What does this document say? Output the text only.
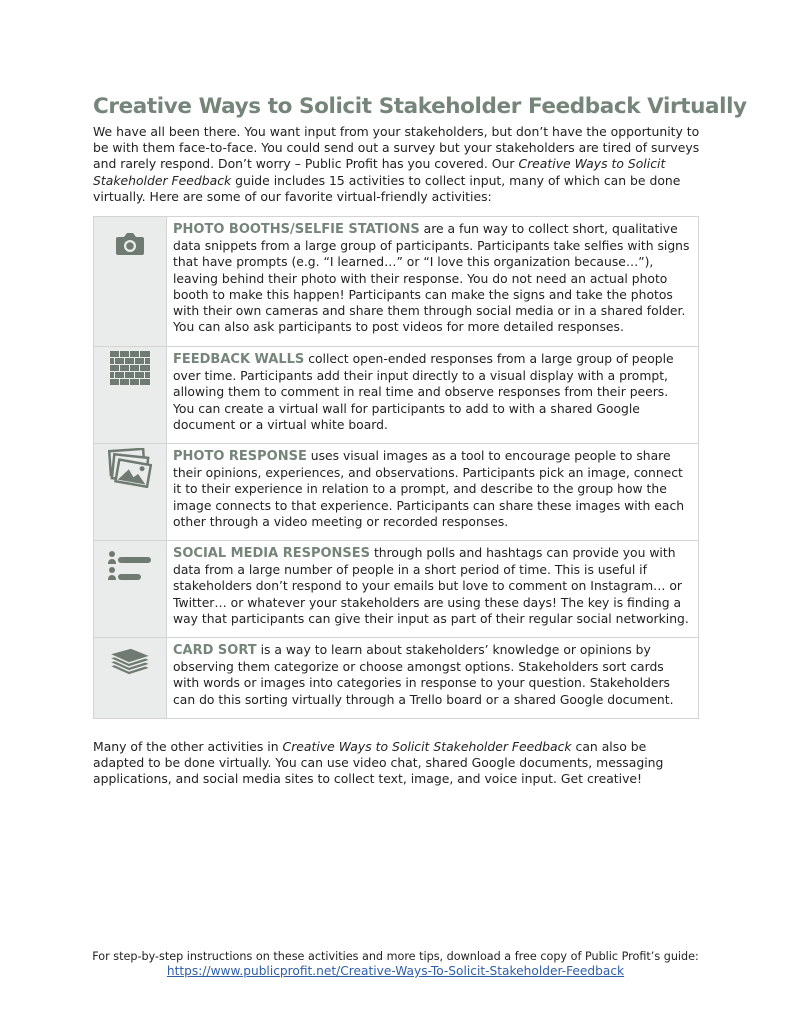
Creative Ways to Solicit Stakeholder Feedback Virtually

We have all been there. You want input from your stakeholders, but don’t have the opportunity to be with them face-to-face. You could send out a survey but your stakeholders are tired of surveys and rarely respond. Don’t worry – Public Profit has you covered. Our Creative Ways to Solicit Stakeholder Feedback guide includes 15 activities to collect input, many of which can be done virtually. Here are some of our favorite virtual-friendly activities:

	PHOTO BOOTHS/SELFIE STATIONS are a fun way to collect short, qualitative data snippets from a large group of participants. Participants take selfies with signs that have prompts (e.g. “I learned…” or “I love this organization because…”), leaving behind their photo with their response. You do not need an actual photo booth to make this happen! Participants can make the signs and take the photos with their own cameras and share them through social media or in a shared folder. You can also ask participants to post videos for more detailed responses.

	FEEDBACK WALLS collect open-ended responses from a large group of people over time. Participants add their input directly to a visual display with a prompt, allowing them to comment in real time and observe responses from their peers. You can create a virtual wall for participants to add to with a shared Google document or a virtual white board.

	PHOTO RESPONSE uses visual images as a tool to encourage people to share their opinions, experiences, and observations. Participants pick an image, connect it to their experience in relation to a prompt, and describe to the group how the image connects to that experience. Participants can share these images with each other through a video meeting or recorded responses.

	SOCIAL MEDIA RESPONSES through polls and hashtags can provide you with data from a large number of people in a short period of time. This is useful if stakeholders don’t respond to your emails but love to comment on Instagram… or Twitter… or whatever your stakeholders are using these days! The key is finding a way that participants can give their input as part of their regular social networking.

	CARD SORT is a way to learn about stakeholders’ knowledge or opinions by observing them categorize or choose amongst options. Stakeholders sort cards with words or images into categories in response to your question. Stakeholders can do this sorting virtually through a Trello board or a shared Google document.

Many of the other activities in Creative Ways to Solicit Stakeholder Feedback can also be adapted to be done virtually. You can use video chat, shared Google documents, messaging applications, and social media sites to collect text, image, and voice input. Get creative!

For step-by-step instructions on these activities and more tips, download a free copy of Public Profit’s guide:
https://www.publicprofit.net/Creative-Ways-To-Solicit-Stakeholder-Feedback
